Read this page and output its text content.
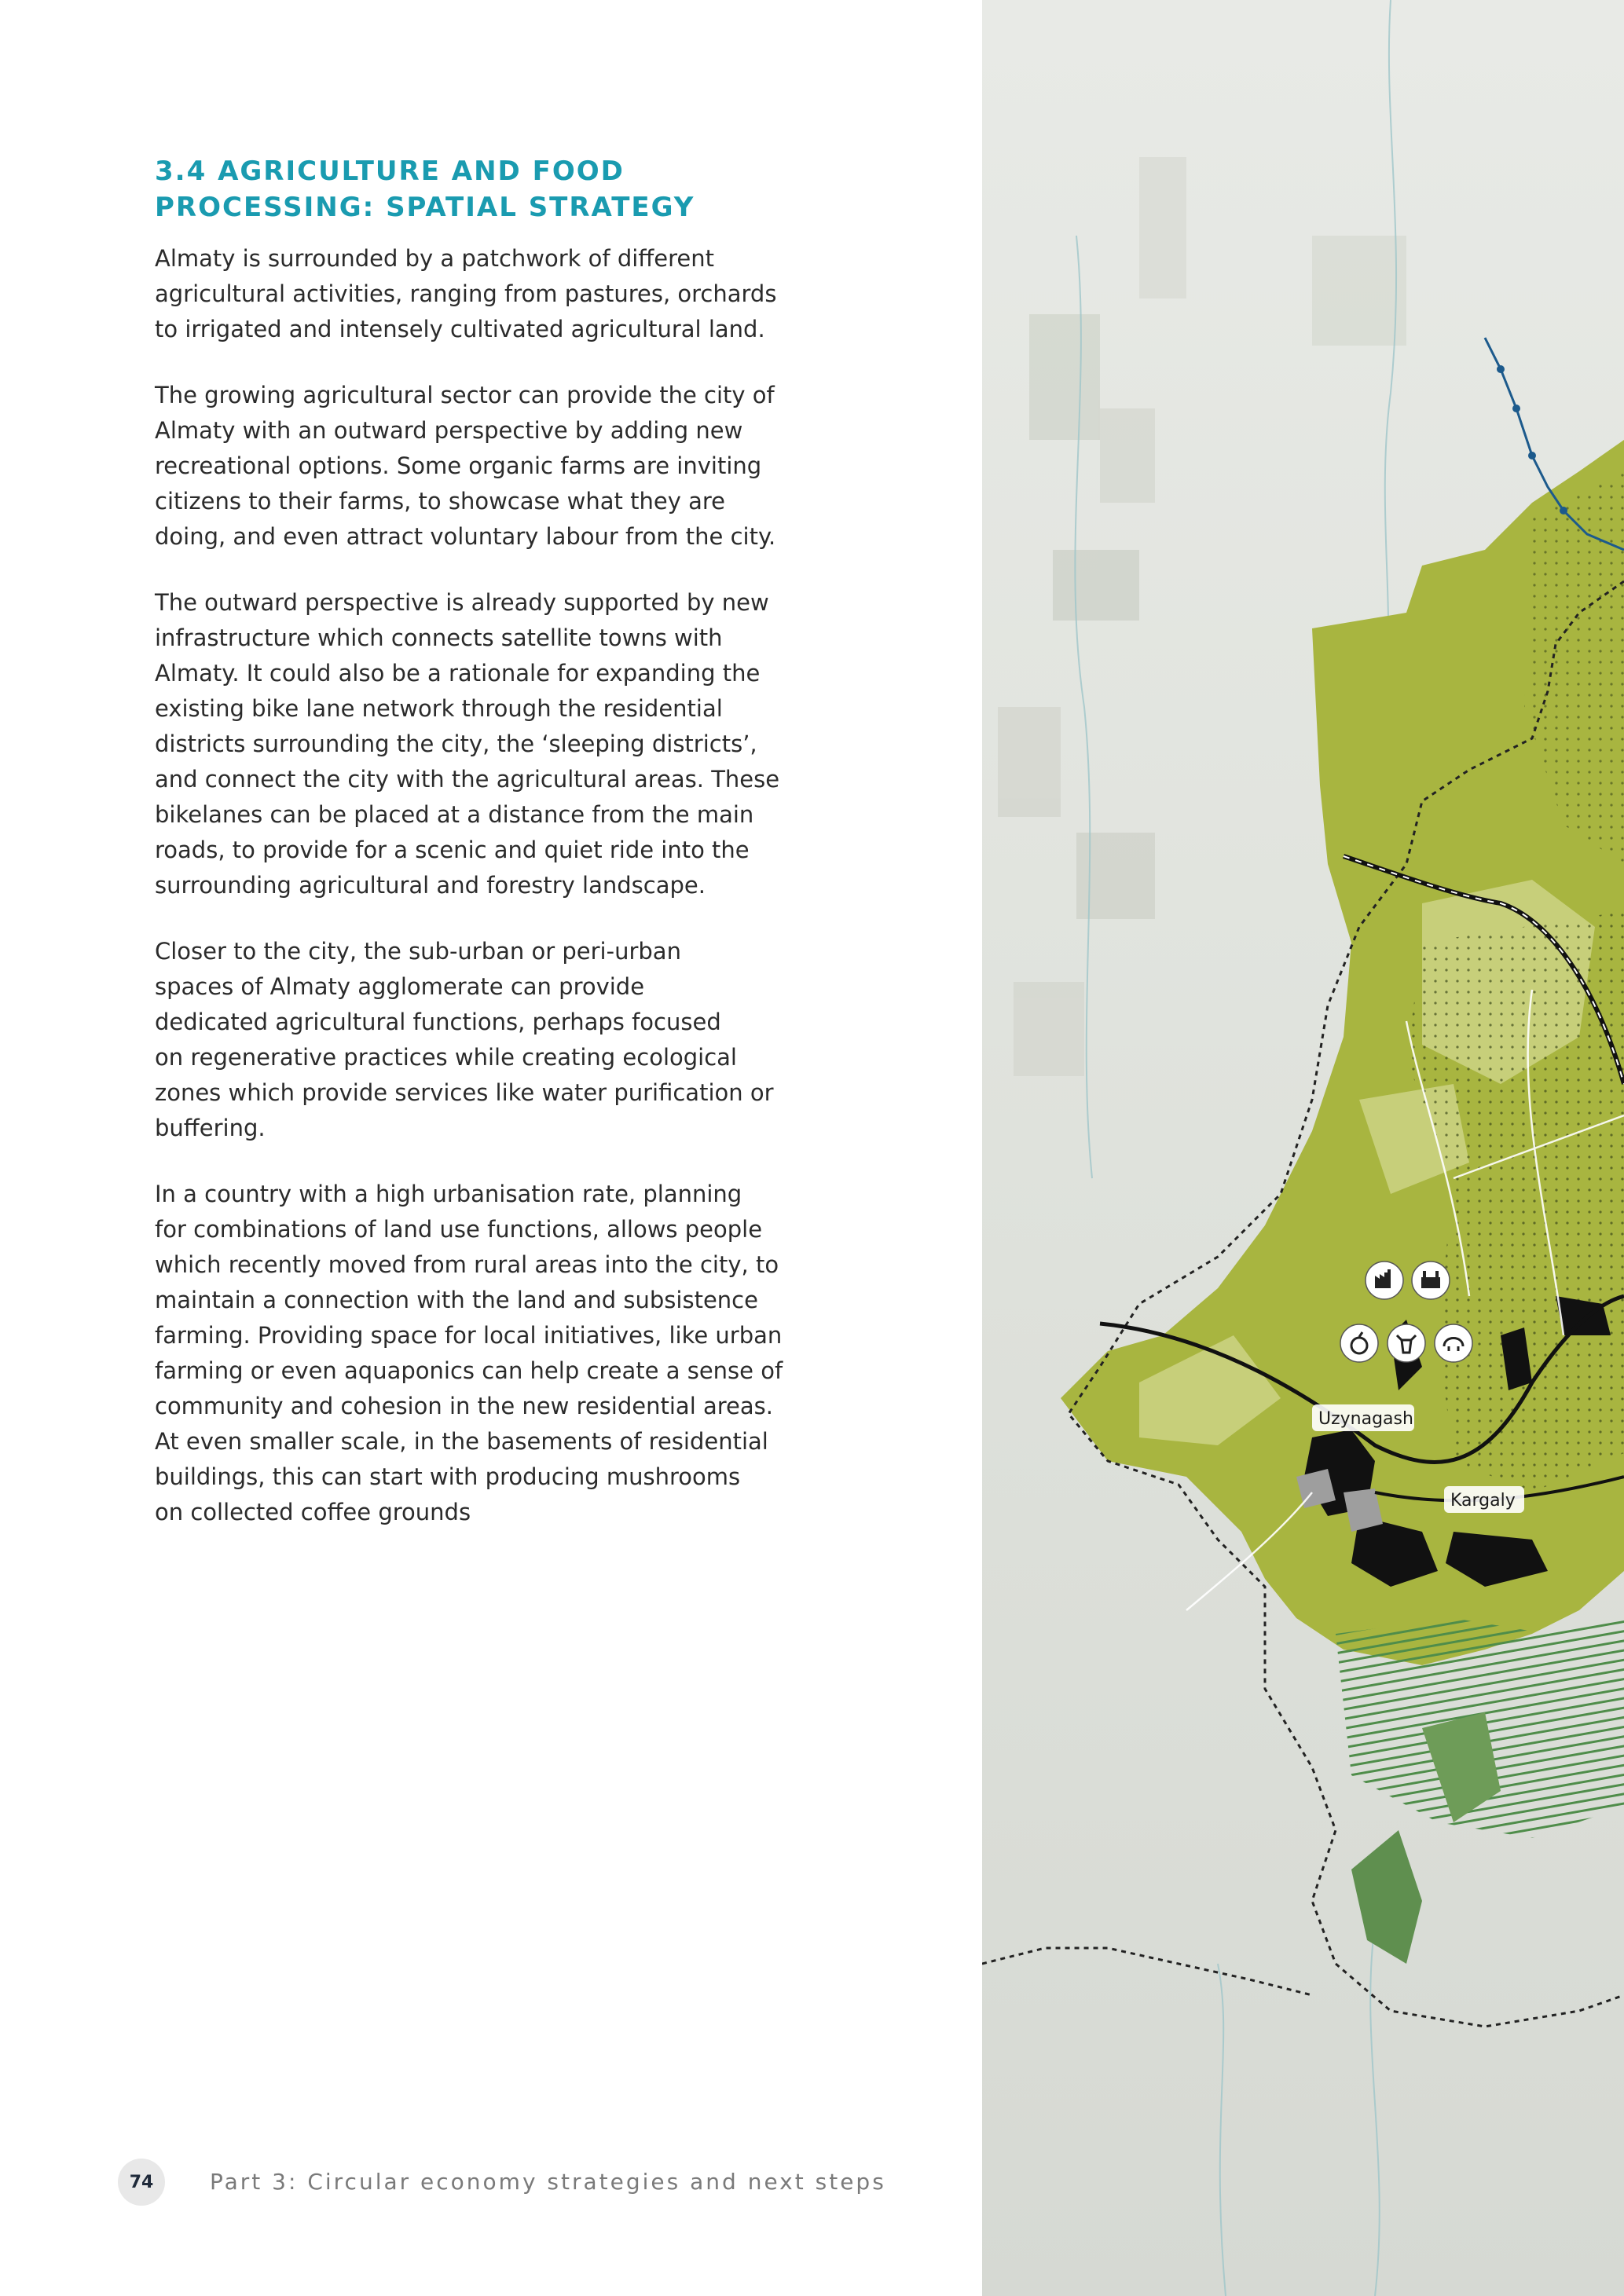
3.4 AGRICULTURE AND FOOD
PROCESSING: SPATIAL STRATEGY

Almaty is surrounded by a patchwork of different
agricultural activities, ranging from pastures, orchards
to irrigated and intensely cultivated agricultural land.

The growing agricultural sector can provide the city of
Almaty with an outward perspective by adding new
recreational options. Some organic farms are inviting
citizens to their farms, to showcase what they are
doing, and even attract voluntary labour from the city.

The outward perspective is already supported by new
infrastructure which connects satellite towns with
Almaty. It could also be a rationale for expanding the
existing bike lane network through the residential
districts surrounding the city, the ‘sleeping districts’,
and connect the city with the agricultural areas. These
bikelanes can be placed at a distance from the main
roads, to provide for a scenic and quiet ride into the
surrounding agricultural and forestry landscape.

Closer to the city, the sub-urban or peri-urban
spaces of Almaty agglomerate can provide
dedicated agricultural functions, perhaps focused
on regenerative practices while creating ecological
zones which provide services like water purification or
buffering.

In a country with a high urbanisation rate, planning
for combinations of land use functions, allows people
which recently moved from rural areas into the city, to
maintain a connection with the land and subsistence
farming. Providing space for local initiatives, like urban
farming or even aquaponics can help create a sense of
community and cohesion in the new residential areas.
At even smaller scale, in the basements of residential
buildings, this can start with producing mushrooms
on collected coffee grounds

Uzynagash
Kargaly
74	Part 3: Circular economy strategies and next steps
